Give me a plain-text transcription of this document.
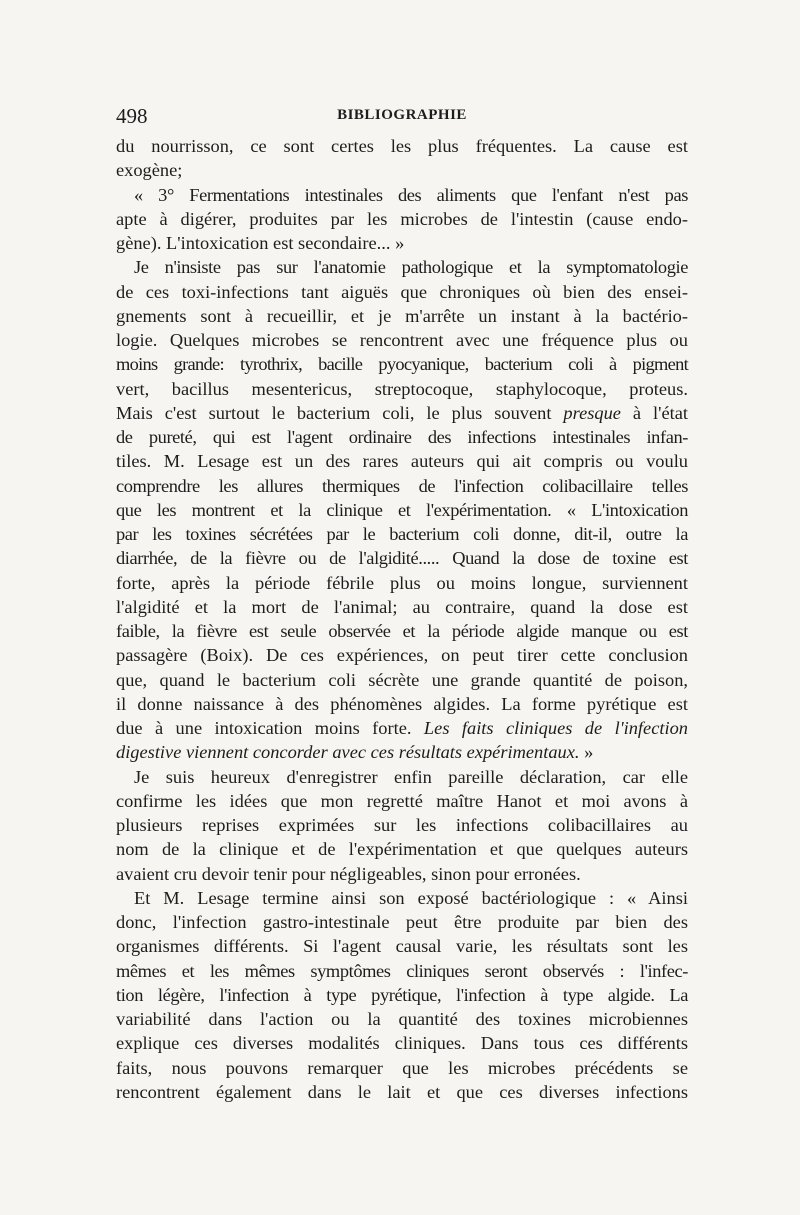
498	BIBLIOGRAPHIE
du nourrisson, ce sont certes les plus fréquentes. La cause est
exogène;
« 3° Fermentations intestinales des aliments que l'enfant n'est pas
apte à digérer, produites par les microbes de l'intestin (cause endo-
gène). L'intoxication est secondaire... »
Je n'insiste pas sur l'anatomie pathologique et la symptomatologie
de ces toxi-infections tant aiguës que chroniques où bien des ensei-
gnements sont à recueillir, et je m'arrête un instant à la bactério-
logie. Quelques microbes se rencontrent avec une fréquence plus ou
moins grande: tyrothrix, bacille pyocyanique, bacterium coli à pigment
vert, bacillus mesentericus, streptocoque, staphylocoque, proteus.
Mais c'est surtout le bacterium coli, le plus souvent presque à l'état
de pureté, qui est l'agent ordinaire des infections intestinales infan-
tiles. M. Lesage est un des rares auteurs qui ait compris ou voulu
comprendre les allures thermiques de l'infection colibacillaire telles
que les montrent et la clinique et l'expérimentation. « L'intoxication
par les toxines sécrétées par le bacterium coli donne, dit-il, outre la
diarrhée, de la fièvre ou de l'algidité..... Quand la dose de toxine est
forte, après la période fébrile plus ou moins longue, surviennent
l'algidité et la mort de l'animal; au contraire, quand la dose est
faible, la fièvre est seule observée et la période algide manque ou est
passagère (Boix). De ces expériences, on peut tirer cette conclusion
que, quand le bacterium coli sécrète une grande quantité de poison,
il donne naissance à des phénomènes algides. La forme pyrétique est
due à une intoxication moins forte. Les faits cliniques de l'infection
digestive viennent concorder avec ces résultats expérimentaux. »
Je suis heureux d'enregistrer enfin pareille déclaration, car elle
confirme les idées que mon regretté maître Hanot et moi avons à
plusieurs reprises exprimées sur les infections colibacillaires au
nom de la clinique et de l'expérimentation et que quelques auteurs
avaient cru devoir tenir pour négligeables, sinon pour erronées.
Et M. Lesage termine ainsi son exposé bactériologique : « Ainsi
donc, l'infection gastro-intestinale peut être produite par bien des
organismes différents. Si l'agent causal varie, les résultats sont les
mêmes et les mêmes symptômes cliniques seront observés : l'infec-
tion légère, l'infection à type pyrétique, l'infection à type algide. La
variabilité dans l'action ou la quantité des toxines microbiennes
explique ces diverses modalités cliniques. Dans tous ces différents
faits, nous pouvons remarquer que les microbes précédents se
rencontrent également dans le lait et que ces diverses infections
